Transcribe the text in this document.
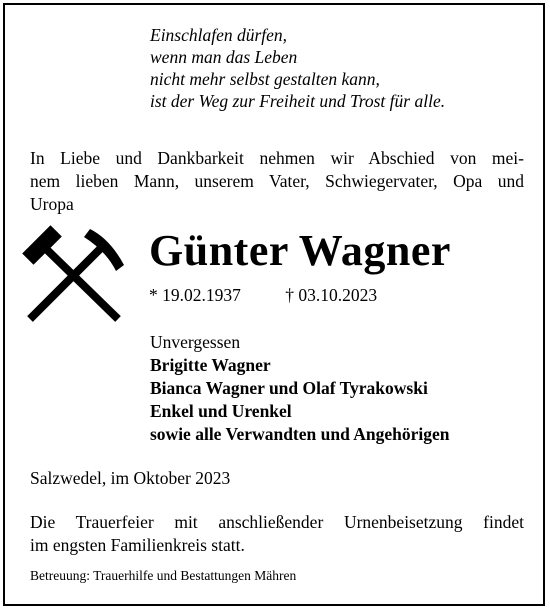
Einschlafen dürfen,
wenn man das Leben
nicht mehr selbst gestalten kann,
ist der Weg zur Freiheit und Trost für alle.
In Liebe und Dankbarkeit nehmen wir Abschied von mei-
nem lieben Mann, unserem Vater, Schwiegervater, Opa und
Uropa
Günter Wagner
* 19.02.1937	† 03.10.2023
Unvergessen
Brigitte Wagner
Bianca Wagner und Olaf Tyrakowski
Enkel und Urenkel
sowie alle Verwandten und Angehörigen
Salzwedel, im Oktober 2023
Die Trauerfeier mit anschließender Urnenbeisetzung findet
im engsten Familienkreis statt.
Betreuung: Trauerhilfe und Bestattungen Mähren
